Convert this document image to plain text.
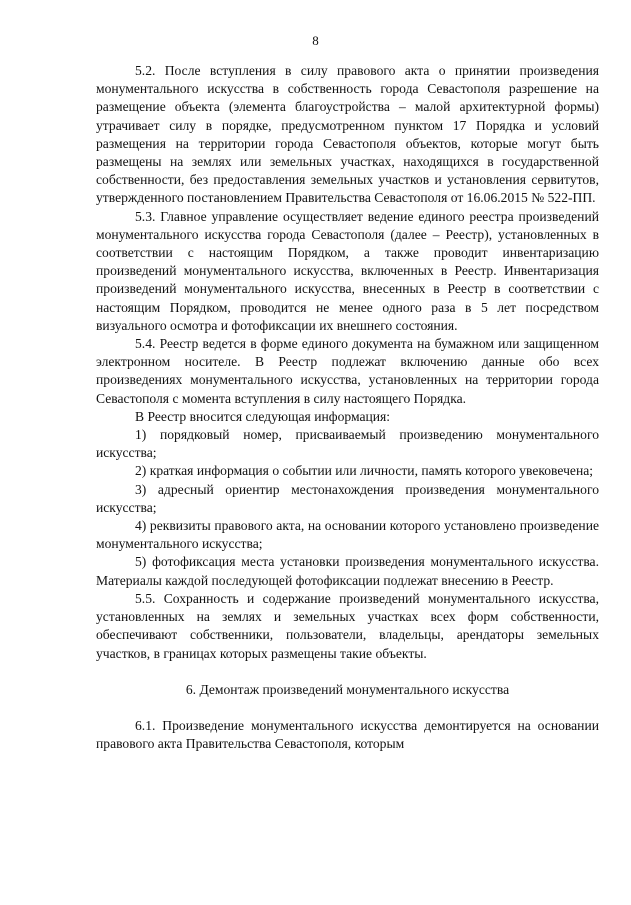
8

5.2. После вступления в силу правового акта о принятии произведения монументального искусства в собственность города Севастополя разрешение на размещение объекта (элемента благоустройства – малой архитектурной формы) утрачивает силу в порядке, предусмотренном пунктом 17 Порядка и условий размещения на территории города Севастополя объектов, которые могут быть размещены на землях или земельных участках, находящихся в государственной собственности, без предоставления земельных участков и установления сервитутов, утвержденного постановлением Правительства Севастополя от 16.06.2015 № 522-ПП.

5.3. Главное управление осуществляет ведение единого реестра произведений монументального искусства города Севастополя (далее – Реестр), установленных в соответствии с настоящим Порядком, а также проводит инвентаризацию произведений монументального искусства, включенных в Реестр. Инвентаризация произведений монументального искусства, внесенных в Реестр в соответствии с настоящим Порядком, проводится не менее одного раза в 5 лет посредством визуального осмотра и фотофиксации их внешнего состояния.

5.4. Реестр ведется в форме единого документа на бумажном или защищенном электронном носителе. В Реестр подлежат включению данные обо всех произведениях монументального искусства, установленных на территории города Севастополя с момента вступления в силу настоящего Порядка.

В Реестр вносится следующая информация:

1) порядковый номер, присваиваемый произведению монументального искусства;

2) краткая информация о событии или личности, память которого увековечена;

3) адресный ориентир местонахождения произведения монументального искусства;

4) реквизиты правового акта, на основании которого установлено произведение монументального искусства;

5) фотофиксация места установки произведения монументального искусства. Материалы каждой последующей фотофиксации подлежат внесению в Реестр.

5.5. Сохранность и содержание произведений монументального искусства, установленных на землях и земельных участках всех форм собственности, обеспечивают собственники, пользователи, владельцы, арендаторы земельных участков, в границах которых размещены такие объекты.

6. Демонтаж произведений монументального искусства

6.1. Произведение монументального искусства демонтируется на основании правового акта Правительства Севастополя, которым
